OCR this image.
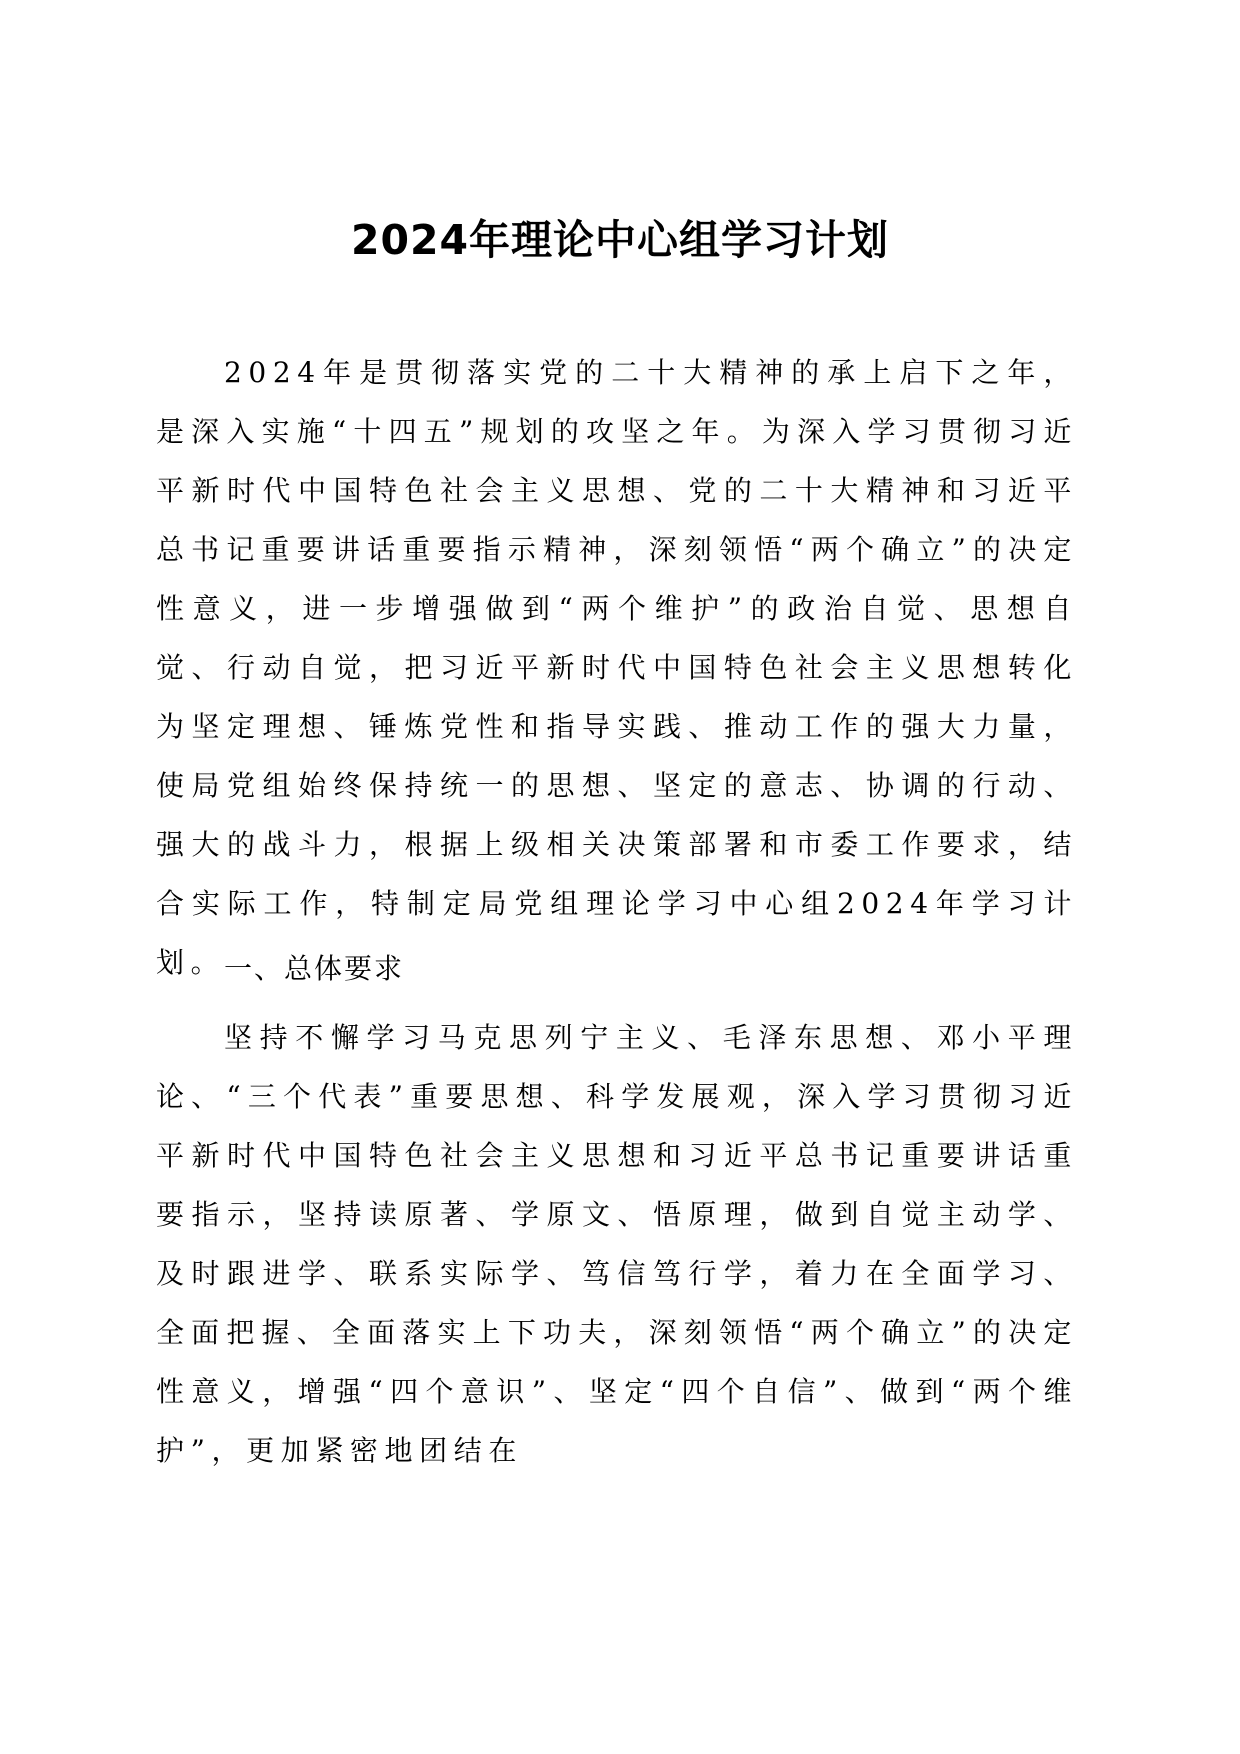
2024年理论中心组学习计划

2024年是贯彻落实党的二十大精神的承上启下之年，是深入实施“十四五”规划的攻坚之年。为深入学习贯彻习近平新时代中国特色社会主义思想、党的二十大精神和习近平总书记重要讲话重要指示精神，深刻领悟“两个确立”的决定性意义，进一步增强做到“两个维护”的政治自觉、思想自觉、行动自觉，把习近平新时代中国特色社会主义思想转化为坚定理想、锤炼党性和指导实践、推动工作的强大力量，使局党组始终保持统一的思想、坚定的意志、协调的行动、强大的战斗力，根据上级相关决策部署和市委工作要求，结合实际工作，特制定局党组理论学习中心组2024年学习计划。

一、总体要求

坚持不懈学习马克思列宁主义、毛泽东思想、邓小平理论、“三个代表”重要思想、科学发展观，深入学习贯彻习近平新时代中国特色社会主义思想和习近平总书记重要讲话重要指示，坚持读原著、学原文、悟原理，做到自觉主动学、及时跟进学、联系实际学、笃信笃行学，着力在全面学习、全面把握、全面落实上下功夫，深刻领悟“两个确立”的决定性意义，增强“四个意识”、坚定“四个自信”、做到“两个维护”，更加紧密地团结在
